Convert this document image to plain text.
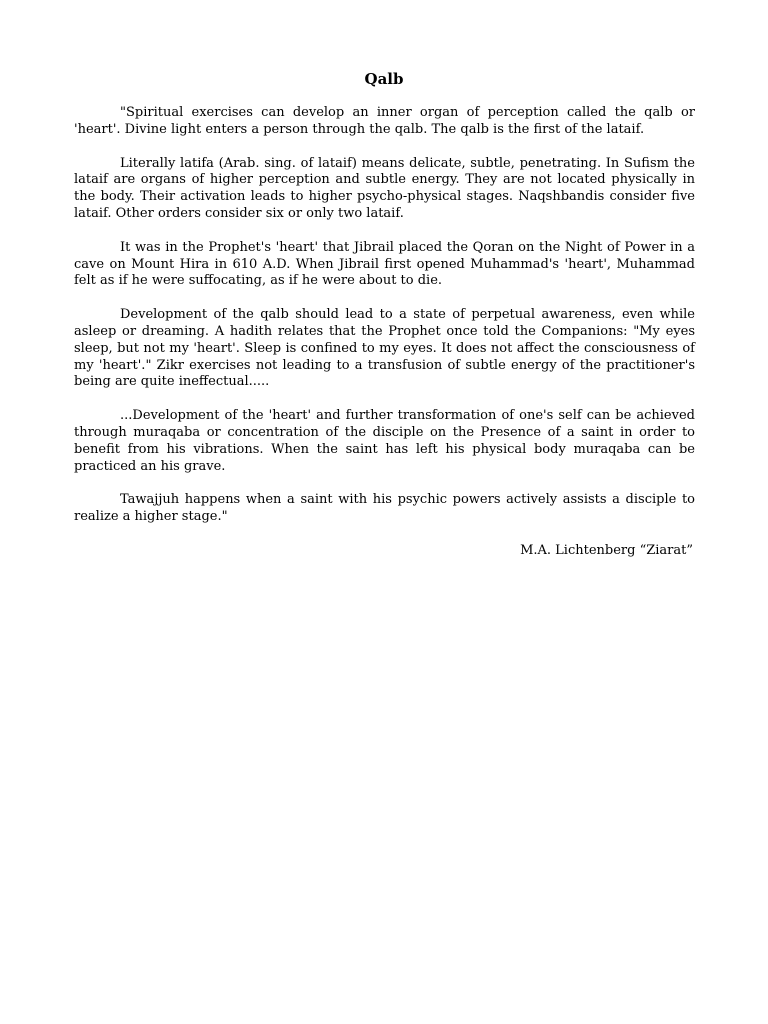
Qalb

"Spiritual exercises can develop an inner organ of perception called the qalb or 'heart'. Divine light enters a person through the qalb. The qalb is the first of the lataif.

Literally latifa (Arab. sing. of lataif) means delicate, subtle, penetrating. In Sufism the lataif are organs of higher perception and subtle energy. They are not located physically in the body. Their activation leads to higher psycho-physical stages. Naqshbandis consider five lataif. Other orders consider six or only two lataif.

It was in the Prophet's 'heart' that Jibrail placed the Qoran on the Night of Power in a cave on Mount Hira in 610 A.D. When Jibrail first opened Muhammad's 'heart', Muhammad felt as if he were suffocating, as if he were about to die.

Development of the qalb should lead to a state of perpetual awareness, even while asleep or dreaming. A hadith relates that the Prophet once told the Companions: "My eyes sleep, but not my 'heart'. Sleep is confined to my eyes. It does not affect the consciousness of my 'heart'." Zikr exercises not leading to a transfusion of subtle energy of the practitioner's being are quite ineffectual.....

...Development of the 'heart' and further transformation of one's self can be achieved through muraqaba or concentration of the disciple on the Presence of a saint in order to benefit from his vibrations. When the saint has left his physical body muraqaba can be practiced an his grave.

Tawajjuh happens when a saint with his psychic powers actively assists a disciple to realize a higher stage."

M.A. Lichtenberg “Ziarat”
